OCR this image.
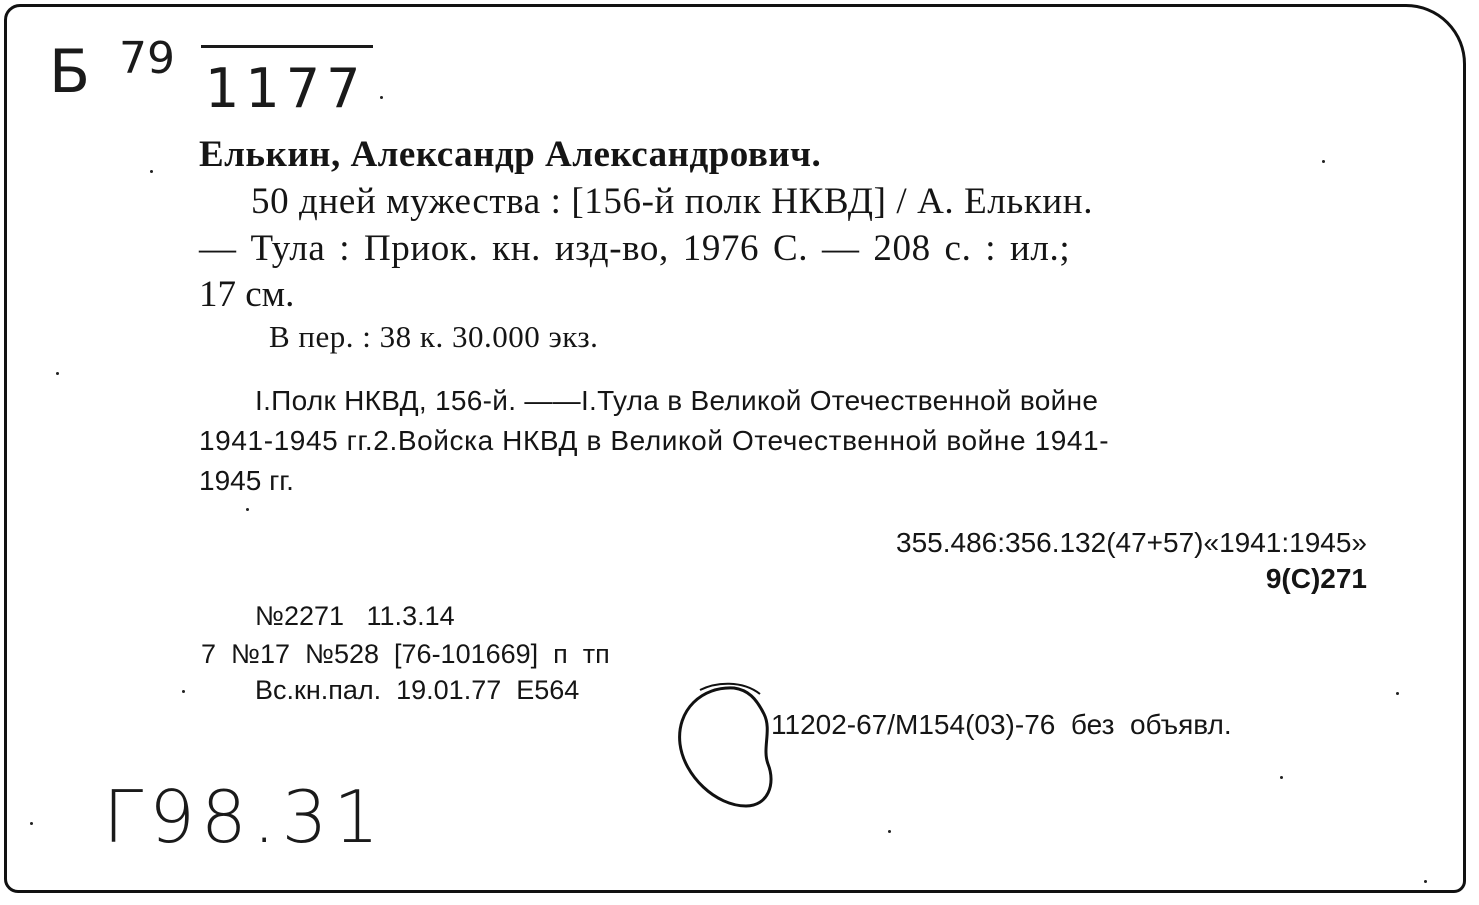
Б 79 1177

Елькин, Александр Александрович.

50 дней мужества : [156-й полк НКВД] / А. Елькин.

— Тула : Приок. кн. изд-во, 1976 С. — 208 с. : ил.;

17 см.

В пер. : 38 к. 30.000 экз.

I.Полк НКВД, 156-й. ——I.Тула в Великой Отечественной войне

1941-1945 гг.2.Войска НКВД в Великой Отечественной войне 1941-

1945 гг.

355.486:356.132(47+57)«1941:1945»

9(С)271

№2271   11.3.14

7  №17  №528  [76-101669]  п  тп

Вс.кн.пал.  19.01.77  Е564

11202-67/М154(03)-76  без  объявл.

Г98.31
